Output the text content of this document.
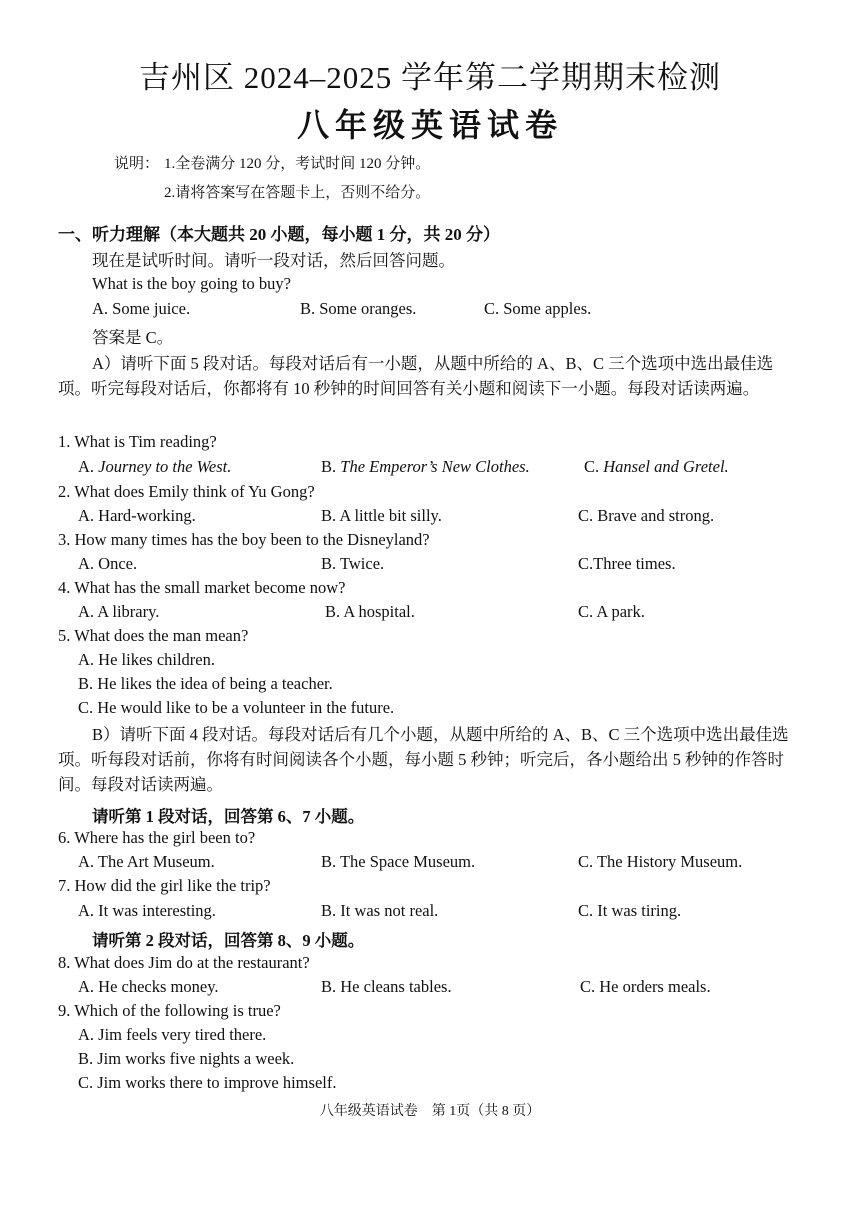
吉州区 2024–2025 学年第二学期期末检测
八年级英语试卷
说明： 1.全卷满分 120 分，考试时间 120 分钟。
2.请将答案写在答题卡上，否则不给分。
一、听力理解（本大题共 20 小题，每小题 1 分，共 20 分）
现在是试听时间。请听一段对话，然后回答问题。
What is the boy going to buy?
A. Some juice.	B. Some oranges.	C. Some apples.
答案是 C。
A）请听下面 5 段对话。每段对话后有一小题，从题中所给的 A、B、C 三个选项中选出最佳选项。听完每段对话后，你都将有 10 秒钟的时间回答有关小题和阅读下一小题。每段对话读两遍。
1. What is Tim reading?
A. Journey to the West.	B. The Emperor’s New Clothes.	C. Hansel and Gretel.
2. What does Emily think of Yu Gong?
A. Hard-working.	B. A little bit silly.	C. Brave and strong.
3. How many times has the boy been to the Disneyland?
A. Once.	B. Twice.	C.Three times.
4. What has the small market become now?
A. A library.	B. A hospital.	C. A park.
5. What does the man mean?
A. He likes children.
B. He likes the idea of being a teacher.
C. He would like to be a volunteer in the future.
B）请听下面 4 段对话。每段对话后有几个小题，从题中所给的 A、B、C 三个选项中选出最佳选项。听每段对话前，你将有时间阅读各个小题，每小题 5 秒钟；听完后，各小题给出 5 秒钟的作答时间。每段对话读两遍。
请听第 1 段对话，回答第 6、7 小题。
6. Where has the girl been to?
A. The Art Museum.	B. The Space Museum.	C. The History Museum.
7. How did the girl like the trip?
A. It was interesting.	B. It was not real.	C. It was tiring.
请听第 2 段对话，回答第 8、9 小题。
8. What does Jim do at the restaurant?
A. He checks money.	B. He cleans tables.	C. He orders meals.
9. Which of the following is true?
A. Jim feels very tired there.
B. Jim works five nights a week.
C. Jim works there to improve himself.
八年级英语试卷　第 1页（共 8 页）
